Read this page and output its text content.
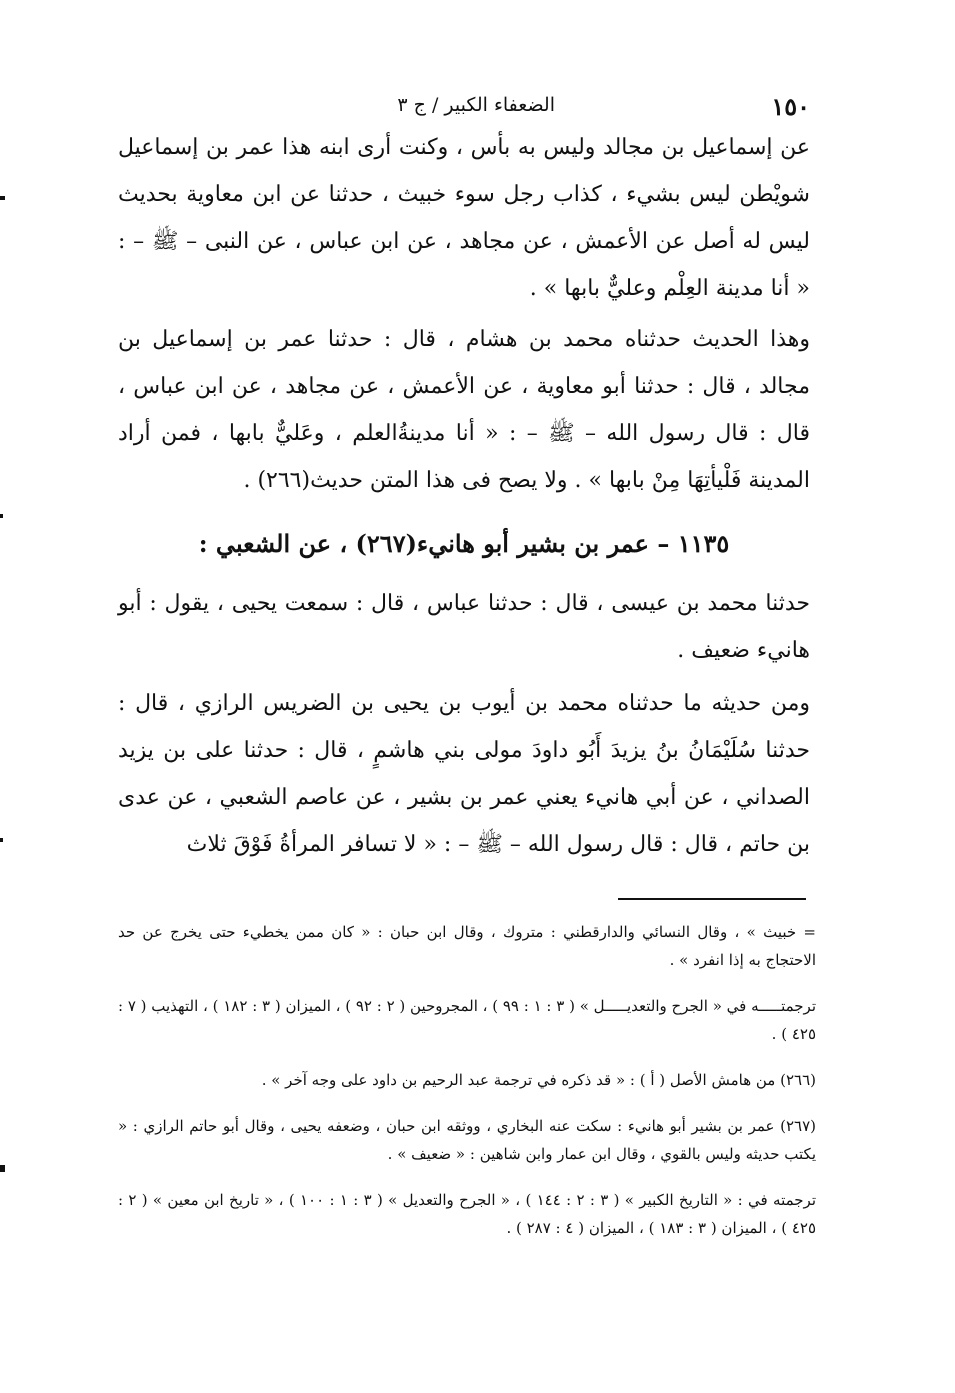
١٥٠
الضعفاء الكبير / ج ٣

عن إسماعيل بن مجالد وليس به بأس ، وكنت أرى ابنه هذا عمر بن إسماعيل شويْطن ليس بشيء ، كذاب رجل سوء خبيث ، حدثنا عن ابن معاوية بحديث ليس له أصل عن الأعمش ، عن مجاهد ، عن ابن عباس ، عن النبى – ﷺ – : « أنا مدينة العِلْم وعليٌّ بابها » .

وهذا الحديث حدثناه محمد بن هشام ، قال : حدثنا عمر بن إسماعيل بن مجالد ، قال : حدثنا أبو معاوية ، عن الأعمش ، عن مجاهد ، عن ابن عباس ، قال : قال رسول الله – ﷺ – : « أنا مدينةُالعلم ، وعَليٌّ بابها ، فمن أراد المدينة فَلْيأتِهَا مِنْ بابها » . ولا يصح فى هذا المتن حديث(٢٦٦) .

١١٣٥ – عمر بن بشير أبو هانيء(٢٦٧) ، عن الشعبي :

حدثنا محمد بن عيسى ، قال : حدثنا عباس ، قال : سمعت يحيى ، يقول : أبو هانيء ضعيف .

ومن حديثه ما حدثناه محمد بن أيوب بن يحيى بن الضريس الرازي ، قال : حدثنا سُلَيْمَانُ بنُ يزيدَ أَبُو داودَ مولى بني هاشمٍ ، قال : حدثنا على بن يزيد الصداني ، عن أبي هانيء يعني عمر بن بشير ، عن عاصم الشعبي ، عن عدى بن حاتم ، قال : قال رسول الله – ﷺ – : « لا تسافر المرأةُ فَوْقَ ثلاث

= خبيث » ، وقال النسائي والدارقطني : متروك ، وقال ابن حبان : « كان ممن يخطيء حتى يخرج عن حد الاحتجاج به إذا انفرد » .

ترجمتـــــه في « الجرح والتعديـــــل » ( ٣ : ١ : ٩٩ ) ، المجروحين ( ٢ : ٩٢ ) ، الميزان ( ٣ : ١٨٢ ) ، التهذيب ( ٧ : ٤٢٥ ) .

(٢٦٦) من هامش الأصل ( أ ) : « قد ذكره في ترجمة عبد الرحيم بن داود على وجه آخر » .

(٢٦٧) عمر بن بشير أبو هانيء : سكت عنه البخاري ، ووثقه ابن حبان ، وضعفه يحيى ، وقال أبو حاتم الرازي : « يكتب حديثه وليس بالقوي ، وقال ابن عمار وابن شاهين : « ضعيف » .

ترجمته في : « التاريخ الكبير » ( ٣ : ٢ : ١٤٤ ) ، « الجرح والتعديل » ( ٣ : ١ : ١٠٠ ) ، « تاريخ ابن معين » ( ٢ : ٤٢٥ ) ، الميزان ( ٣ : ١٨٣ ) ، الميزان ( ٤ : ٢٨٧ ) .
